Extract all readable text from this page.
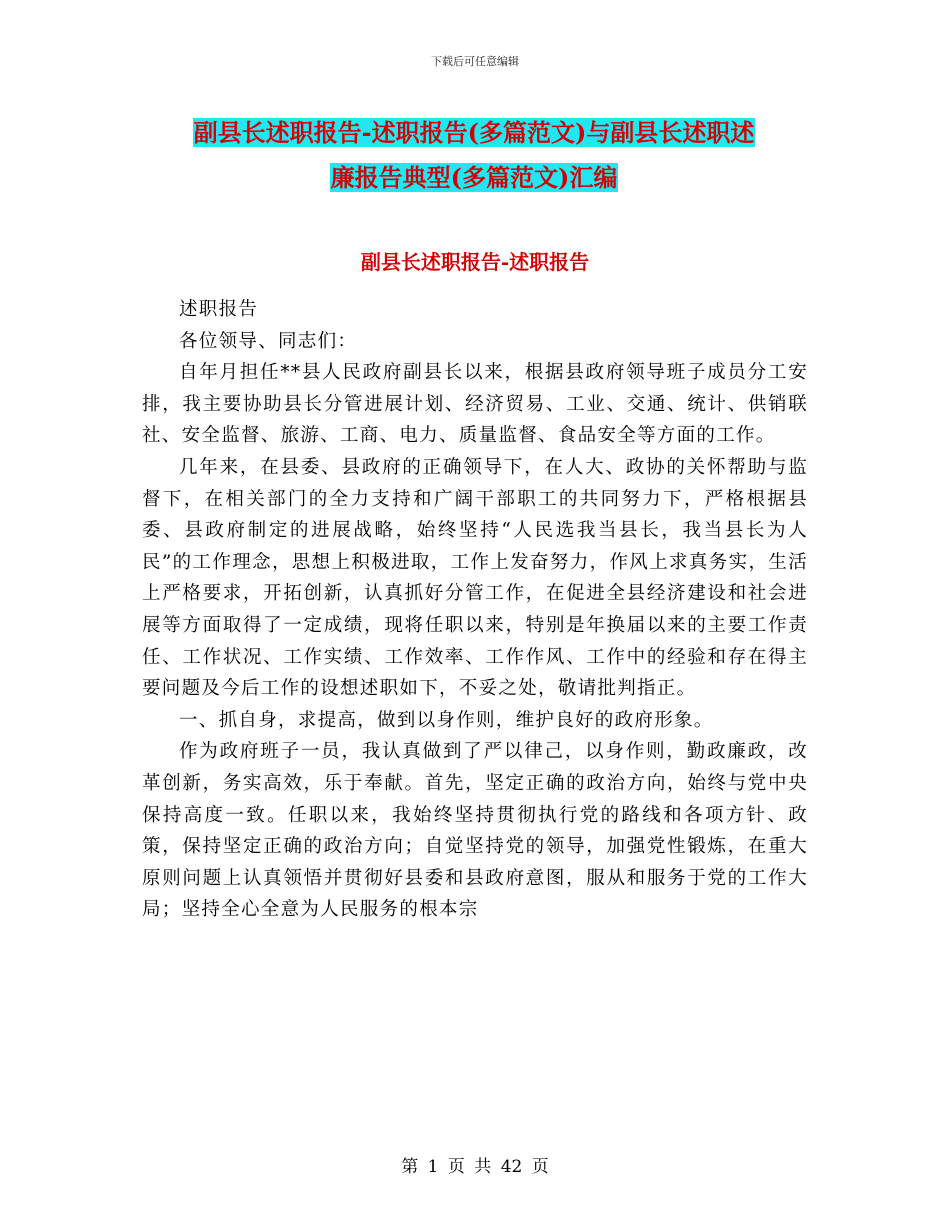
下载后可任意编辑
副县长述职报告-述职报告(多篇范文)与副县长述职述
廉报告典型(多篇范文)汇编
副县长述职报告-述职报告

述职报告

各位领导、同志们：

自年月担任**县人民政府副县长以来，根据县政府领导班子成员分工安排，我主要协助县长分管进展计划、经济贸易、工业、交通、统计、供销联社、安全监督、旅游、工商、电力、质量监督、食品安全等方面的工作。

几年来，在县委、县政府的正确领导下，在人大、政协的关怀帮助与监督下，在相关部门的全力支持和广阔干部职工的共同努力下，严格根据县委、县政府制定的进展战略，始终坚持“人民选我当县长，我当县长为人民”的工作理念，思想上积极进取，工作上发奋努力，作风上求真务实，生活上严格要求，开拓创新，认真抓好分管工作，在促进全县经济建设和社会进展等方面取得了一定成绩，现将任职以来，特别是年换届以来的主要工作责任、工作状况、工作实绩、工作效率、工作作风、工作中的经验和存在得主要问题及今后工作的设想述职如下，不妥之处，敬请批判指正。

一、抓自身，求提高，做到以身作则，维护良好的政府形象。

作为政府班子一员，我认真做到了严以律己，以身作则，勤政廉政，改革创新，务实高效，乐于奉献。首先，坚定正确的政治方向，始终与党中央保持高度一致。任职以来，我始终坚持贯彻执行党的路线和各项方针、政策，保持坚定正确的政治方向；自觉坚持党的领导，加强党性锻炼，在重大原则问题上认真领悟并贯彻好县委和县政府意图，服从和服务于党的工作大局；坚持全心全意为人民服务的根本宗

第 1 页 共 42 页
